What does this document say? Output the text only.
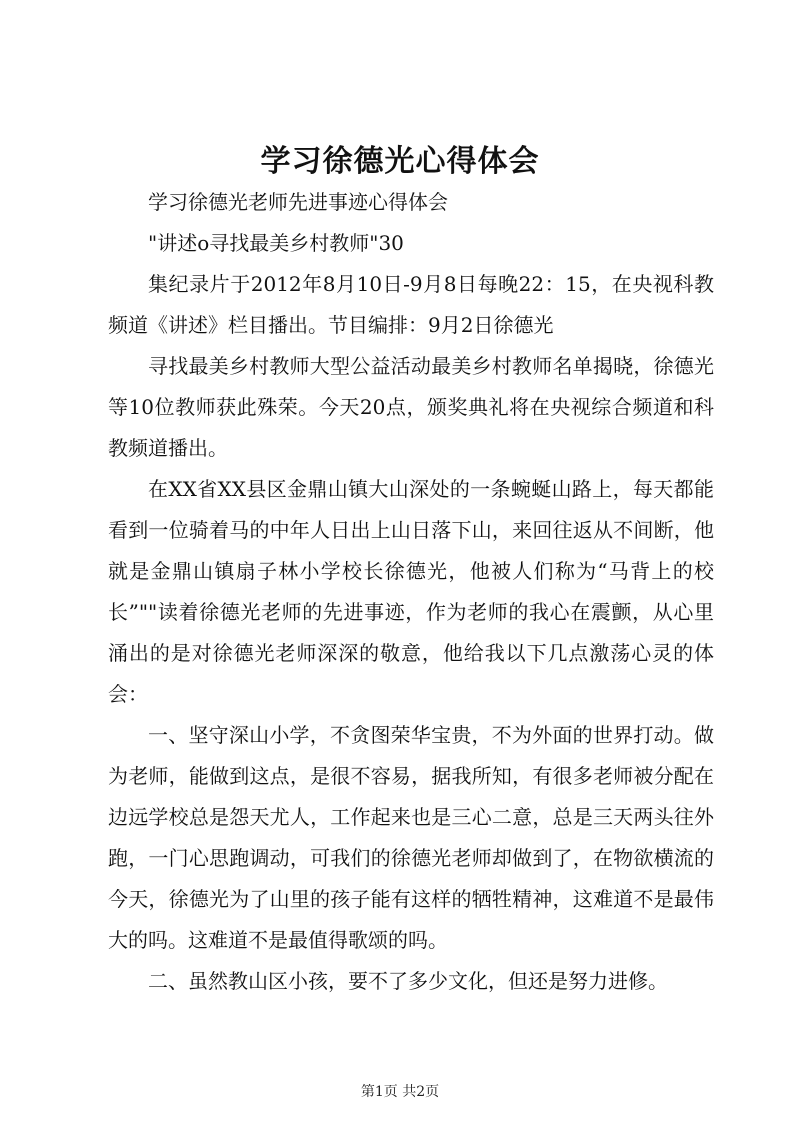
学习徐德光心得体会

学习徐德光老师先进事迹心得体会

"讲述o寻找最美乡村教师"30

集纪录片于2012年8月10日-9月8日每晚22：15，在央视科教频道《讲述》栏目播出。节目编排：9月2日徐德光

寻找最美乡村教师大型公益活动最美乡村教师名单揭晓，徐德光等10位教师获此殊荣。今天20点，颁奖典礼将在央视综合频道和科教频道播出。

在XX省XX县区金鼎山镇大山深处的一条蜿蜒山路上，每天都能看到一位骑着马的中年人日出上山日落下山，来回往返从不间断，他就是金鼎山镇扇子林小学校长徐德光，他被人们称为“马背上的校长”""读着徐德光老师的先进事迹，作为老师的我心在震颤，从心里涌出的是对徐德光老师深深的敬意，他给我以下几点激荡心灵的体会：

一、坚守深山小学，不贪图荣华宝贵，不为外面的世界打动。做为老师，能做到这点，是很不容易，据我所知，有很多老师被分配在边远学校总是怨天尤人，工作起来也是三心二意，总是三天两头往外跑，一门心思跑调动，可我们的徐德光老师却做到了，在物欲横流的今天，徐德光为了山里的孩子能有这样的牺牲精神，这难道不是最伟大的吗。这难道不是最值得歌颂的吗。

二、虽然教山区小孩，要不了多少文化，但还是努力进修。

第1页 共2页
